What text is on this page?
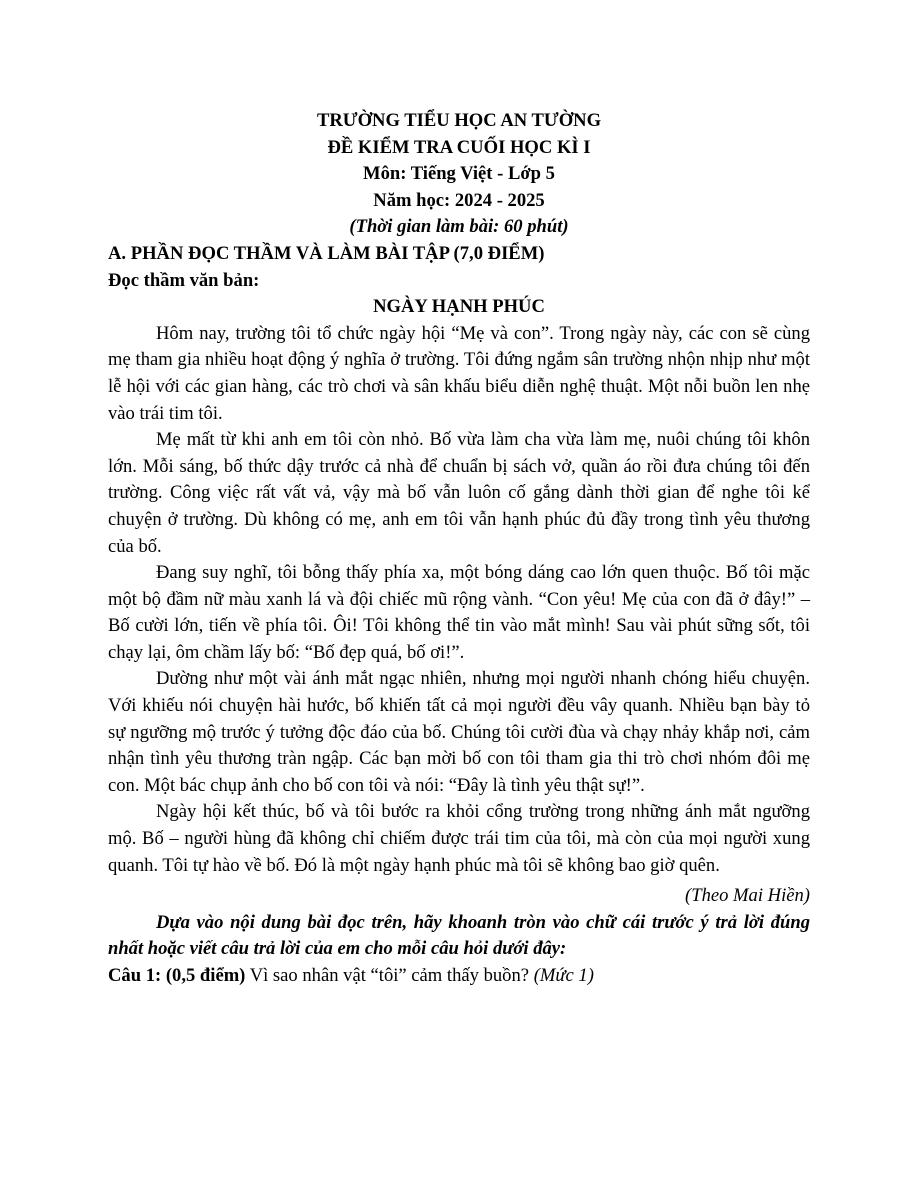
TRƯỜNG TIỂU HỌC AN TƯỜNG
ĐỀ KIỂM TRA CUỐI HỌC KÌ I
Môn: Tiếng Việt - Lớp 5
Năm học: 2024 - 2025
(Thời gian làm bài: 60 phút)
A. PHẦN ĐỌC THẦM VÀ LÀM BÀI TẬP (7,0 ĐIỂM)
Đọc thầm văn bản:
NGÀY HẠNH PHÚC

Hôm nay, trường tôi tổ chức ngày hội “Mẹ và con”. Trong ngày này, các con sẽ cùng mẹ tham gia nhiều hoạt động ý nghĩa ở trường. Tôi đứng ngắm sân trường nhộn nhịp như một lễ hội với các gian hàng, các trò chơi và sân khấu biểu diễn nghệ thuật. Một nỗi buồn len nhẹ vào trái tim tôi.

Mẹ mất từ khi anh em tôi còn nhỏ. Bố vừa làm cha vừa làm mẹ, nuôi chúng tôi khôn lớn. Mỗi sáng, bố thức dậy trước cả nhà để chuẩn bị sách vở, quần áo rồi đưa chúng tôi đến trường. Công việc rất vất vả, vậy mà bố vẫn luôn cố gắng dành thời gian để nghe tôi kể chuyện ở trường. Dù không có mẹ, anh em tôi vẫn hạnh phúc đủ đầy trong tình yêu thương của bố.

Đang suy nghĩ, tôi bỗng thấy phía xa, một bóng dáng cao lớn quen thuộc. Bố tôi mặc một bộ đầm nữ màu xanh lá và đội chiếc mũ rộng vành. “Con yêu! Mẹ của con đã ở đây!” – Bố cười lớn, tiến về phía tôi. Ôi! Tôi không thể tin vào mắt mình! Sau vài phút sững sốt, tôi chạy lại, ôm chầm lấy bố: “Bố đẹp quá, bố ơi!”.

Dường như một vài ánh mắt ngạc nhiên, nhưng mọi người nhanh chóng hiểu chuyện. Với khiếu nói chuyện hài hước, bố khiến tất cả mọi người đều vây quanh. Nhiều bạn bày tỏ sự ngưỡng mộ trước ý tưởng độc đáo của bố. Chúng tôi cười đùa và chạy nhảy khắp nơi, cảm nhận tình yêu thương tràn ngập. Các bạn mời bố con tôi tham gia thi trò chơi nhóm đôi mẹ con. Một bác chụp ảnh cho bố con tôi và nói: “Đây là tình yêu thật sự!”.

Ngày hội kết thúc, bố và tôi bước ra khỏi cổng trường trong những ánh mắt ngưỡng mộ. Bố – người hùng đã không chỉ chiếm được trái tim của tôi, mà còn của mọi người xung quanh. Tôi tự hào về bố. Đó là một ngày hạnh phúc mà tôi sẽ không bao giờ quên.

(Theo Mai Hiền)

Dựa vào nội dung bài đọc trên, hãy khoanh tròn vào chữ cái trước ý trả lời đúng nhất hoặc viết câu trả lời của em cho mỗi câu hỏi dưới đây:

Câu 1: (0,5 điểm) Vì sao nhân vật “tôi” cảm thấy buồn? (Mức 1)
